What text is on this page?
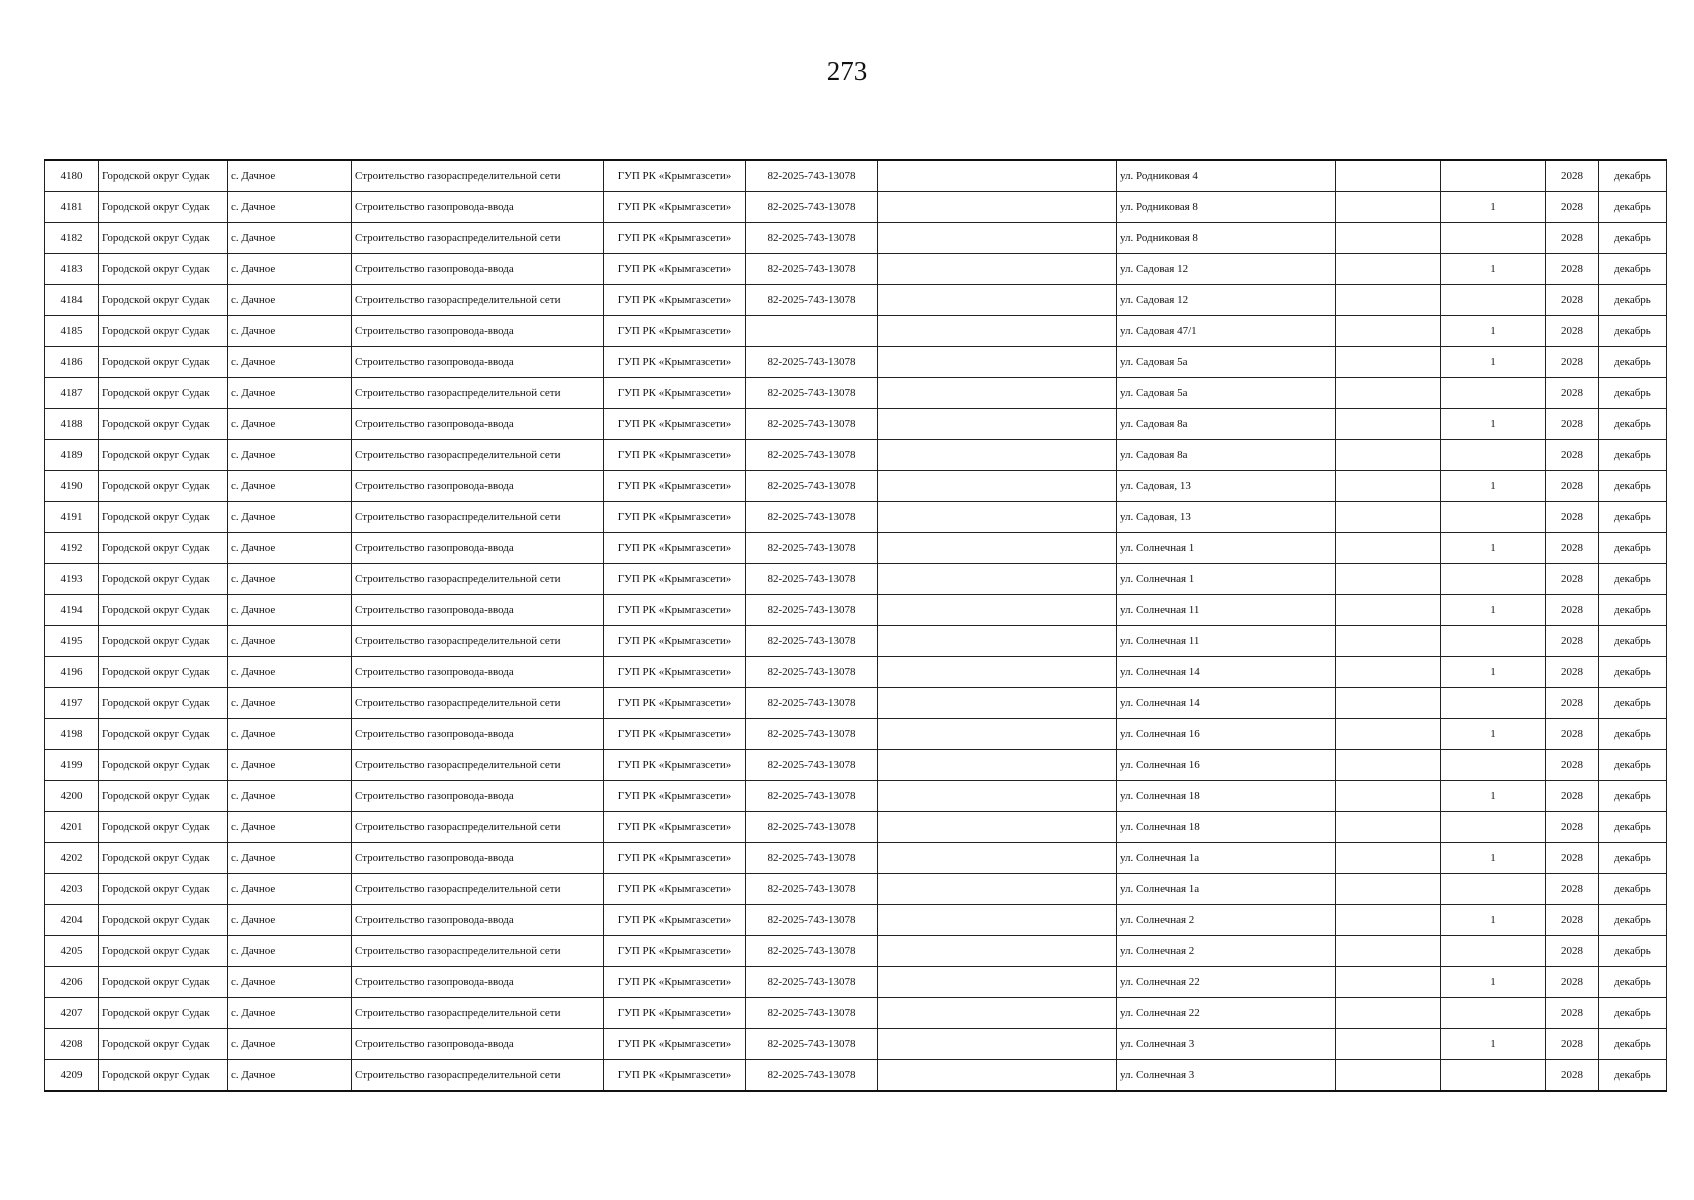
273
4180	Городской округ Судак	с. Дачное	Строительство газораспределительной сети	ГУП РК «Крымгазсети»	82-2025-743-13078		ул. Родниковая 4			2028	декабрь
4181	Городской округ Судак	с. Дачное	Строительство газопровода-ввода	ГУП РК «Крымгазсети»	82-2025-743-13078		ул. Родниковая 8		1	2028	декабрь
4182	Городской округ Судак	с. Дачное	Строительство газораспределительной сети	ГУП РК «Крымгазсети»	82-2025-743-13078		ул. Родниковая 8			2028	декабрь
4183	Городской округ Судак	с. Дачное	Строительство газопровода-ввода	ГУП РК «Крымгазсети»	82-2025-743-13078		ул. Садовая 12		1	2028	декабрь
4184	Городской округ Судак	с. Дачное	Строительство газораспределительной сети	ГУП РК «Крымгазсети»	82-2025-743-13078		ул. Садовая 12			2028	декабрь
4185	Городской округ Судак	с. Дачное	Строительство газопровода-ввода	ГУП РК «Крымгазсети»			ул. Садовая 47/1		1	2028	декабрь
4186	Городской округ Судак	с. Дачное	Строительство газопровода-ввода	ГУП РК «Крымгазсети»	82-2025-743-13078		ул. Садовая 5а		1	2028	декабрь
4187	Городской округ Судак	с. Дачное	Строительство газораспределительной сети	ГУП РК «Крымгазсети»	82-2025-743-13078		ул. Садовая 5а			2028	декабрь
4188	Городской округ Судак	с. Дачное	Строительство газопровода-ввода	ГУП РК «Крымгазсети»	82-2025-743-13078		ул. Садовая 8а		1	2028	декабрь
4189	Городской округ Судак	с. Дачное	Строительство газораспределительной сети	ГУП РК «Крымгазсети»	82-2025-743-13078		ул. Садовая 8а			2028	декабрь
4190	Городской округ Судак	с. Дачное	Строительство газопровода-ввода	ГУП РК «Крымгазсети»	82-2025-743-13078		ул. Садовая, 13		1	2028	декабрь
4191	Городской округ Судак	с. Дачное	Строительство газораспределительной сети	ГУП РК «Крымгазсети»	82-2025-743-13078		ул. Садовая, 13			2028	декабрь
4192	Городской округ Судак	с. Дачное	Строительство газопровода-ввода	ГУП РК «Крымгазсети»	82-2025-743-13078		ул. Солнечная 1		1	2028	декабрь
4193	Городской округ Судак	с. Дачное	Строительство газораспределительной сети	ГУП РК «Крымгазсети»	82-2025-743-13078		ул. Солнечная 1			2028	декабрь
4194	Городской округ Судак	с. Дачное	Строительство газопровода-ввода	ГУП РК «Крымгазсети»	82-2025-743-13078		ул. Солнечная 11		1	2028	декабрь
4195	Городской округ Судак	с. Дачное	Строительство газораспределительной сети	ГУП РК «Крымгазсети»	82-2025-743-13078		ул. Солнечная 11			2028	декабрь
4196	Городской округ Судак	с. Дачное	Строительство газопровода-ввода	ГУП РК «Крымгазсети»	82-2025-743-13078		ул. Солнечная 14		1	2028	декабрь
4197	Городской округ Судак	с. Дачное	Строительство газораспределительной сети	ГУП РК «Крымгазсети»	82-2025-743-13078		ул. Солнечная 14			2028	декабрь
4198	Городской округ Судак	с. Дачное	Строительство газопровода-ввода	ГУП РК «Крымгазсети»	82-2025-743-13078		ул. Солнечная 16		1	2028	декабрь
4199	Городской округ Судак	с. Дачное	Строительство газораспределительной сети	ГУП РК «Крымгазсети»	82-2025-743-13078		ул. Солнечная 16			2028	декабрь
4200	Городской округ Судак	с. Дачное	Строительство газопровода-ввода	ГУП РК «Крымгазсети»	82-2025-743-13078		ул. Солнечная 18		1	2028	декабрь
4201	Городской округ Судак	с. Дачное	Строительство газораспределительной сети	ГУП РК «Крымгазсети»	82-2025-743-13078		ул. Солнечная 18			2028	декабрь
4202	Городской округ Судак	с. Дачное	Строительство газопровода-ввода	ГУП РК «Крымгазсети»	82-2025-743-13078		ул. Солнечная 1а		1	2028	декабрь
4203	Городской округ Судак	с. Дачное	Строительство газораспределительной сети	ГУП РК «Крымгазсети»	82-2025-743-13078		ул. Солнечная 1а			2028	декабрь
4204	Городской округ Судак	с. Дачное	Строительство газопровода-ввода	ГУП РК «Крымгазсети»	82-2025-743-13078		ул. Солнечная 2		1	2028	декабрь
4205	Городской округ Судак	с. Дачное	Строительство газораспределительной сети	ГУП РК «Крымгазсети»	82-2025-743-13078		ул. Солнечная 2			2028	декабрь
4206	Городской округ Судак	с. Дачное	Строительство газопровода-ввода	ГУП РК «Крымгазсети»	82-2025-743-13078		ул. Солнечная 22		1	2028	декабрь
4207	Городской округ Судак	с. Дачное	Строительство газораспределительной сети	ГУП РК «Крымгазсети»	82-2025-743-13078		ул. Солнечная 22			2028	декабрь
4208	Городской округ Судак	с. Дачное	Строительство газопровода-ввода	ГУП РК «Крымгазсети»	82-2025-743-13078		ул. Солнечная 3		1	2028	декабрь
4209	Городской округ Судак	с. Дачное	Строительство газораспределительной сети	ГУП РК «Крымгазсети»	82-2025-743-13078		ул. Солнечная 3			2028	декабрь
